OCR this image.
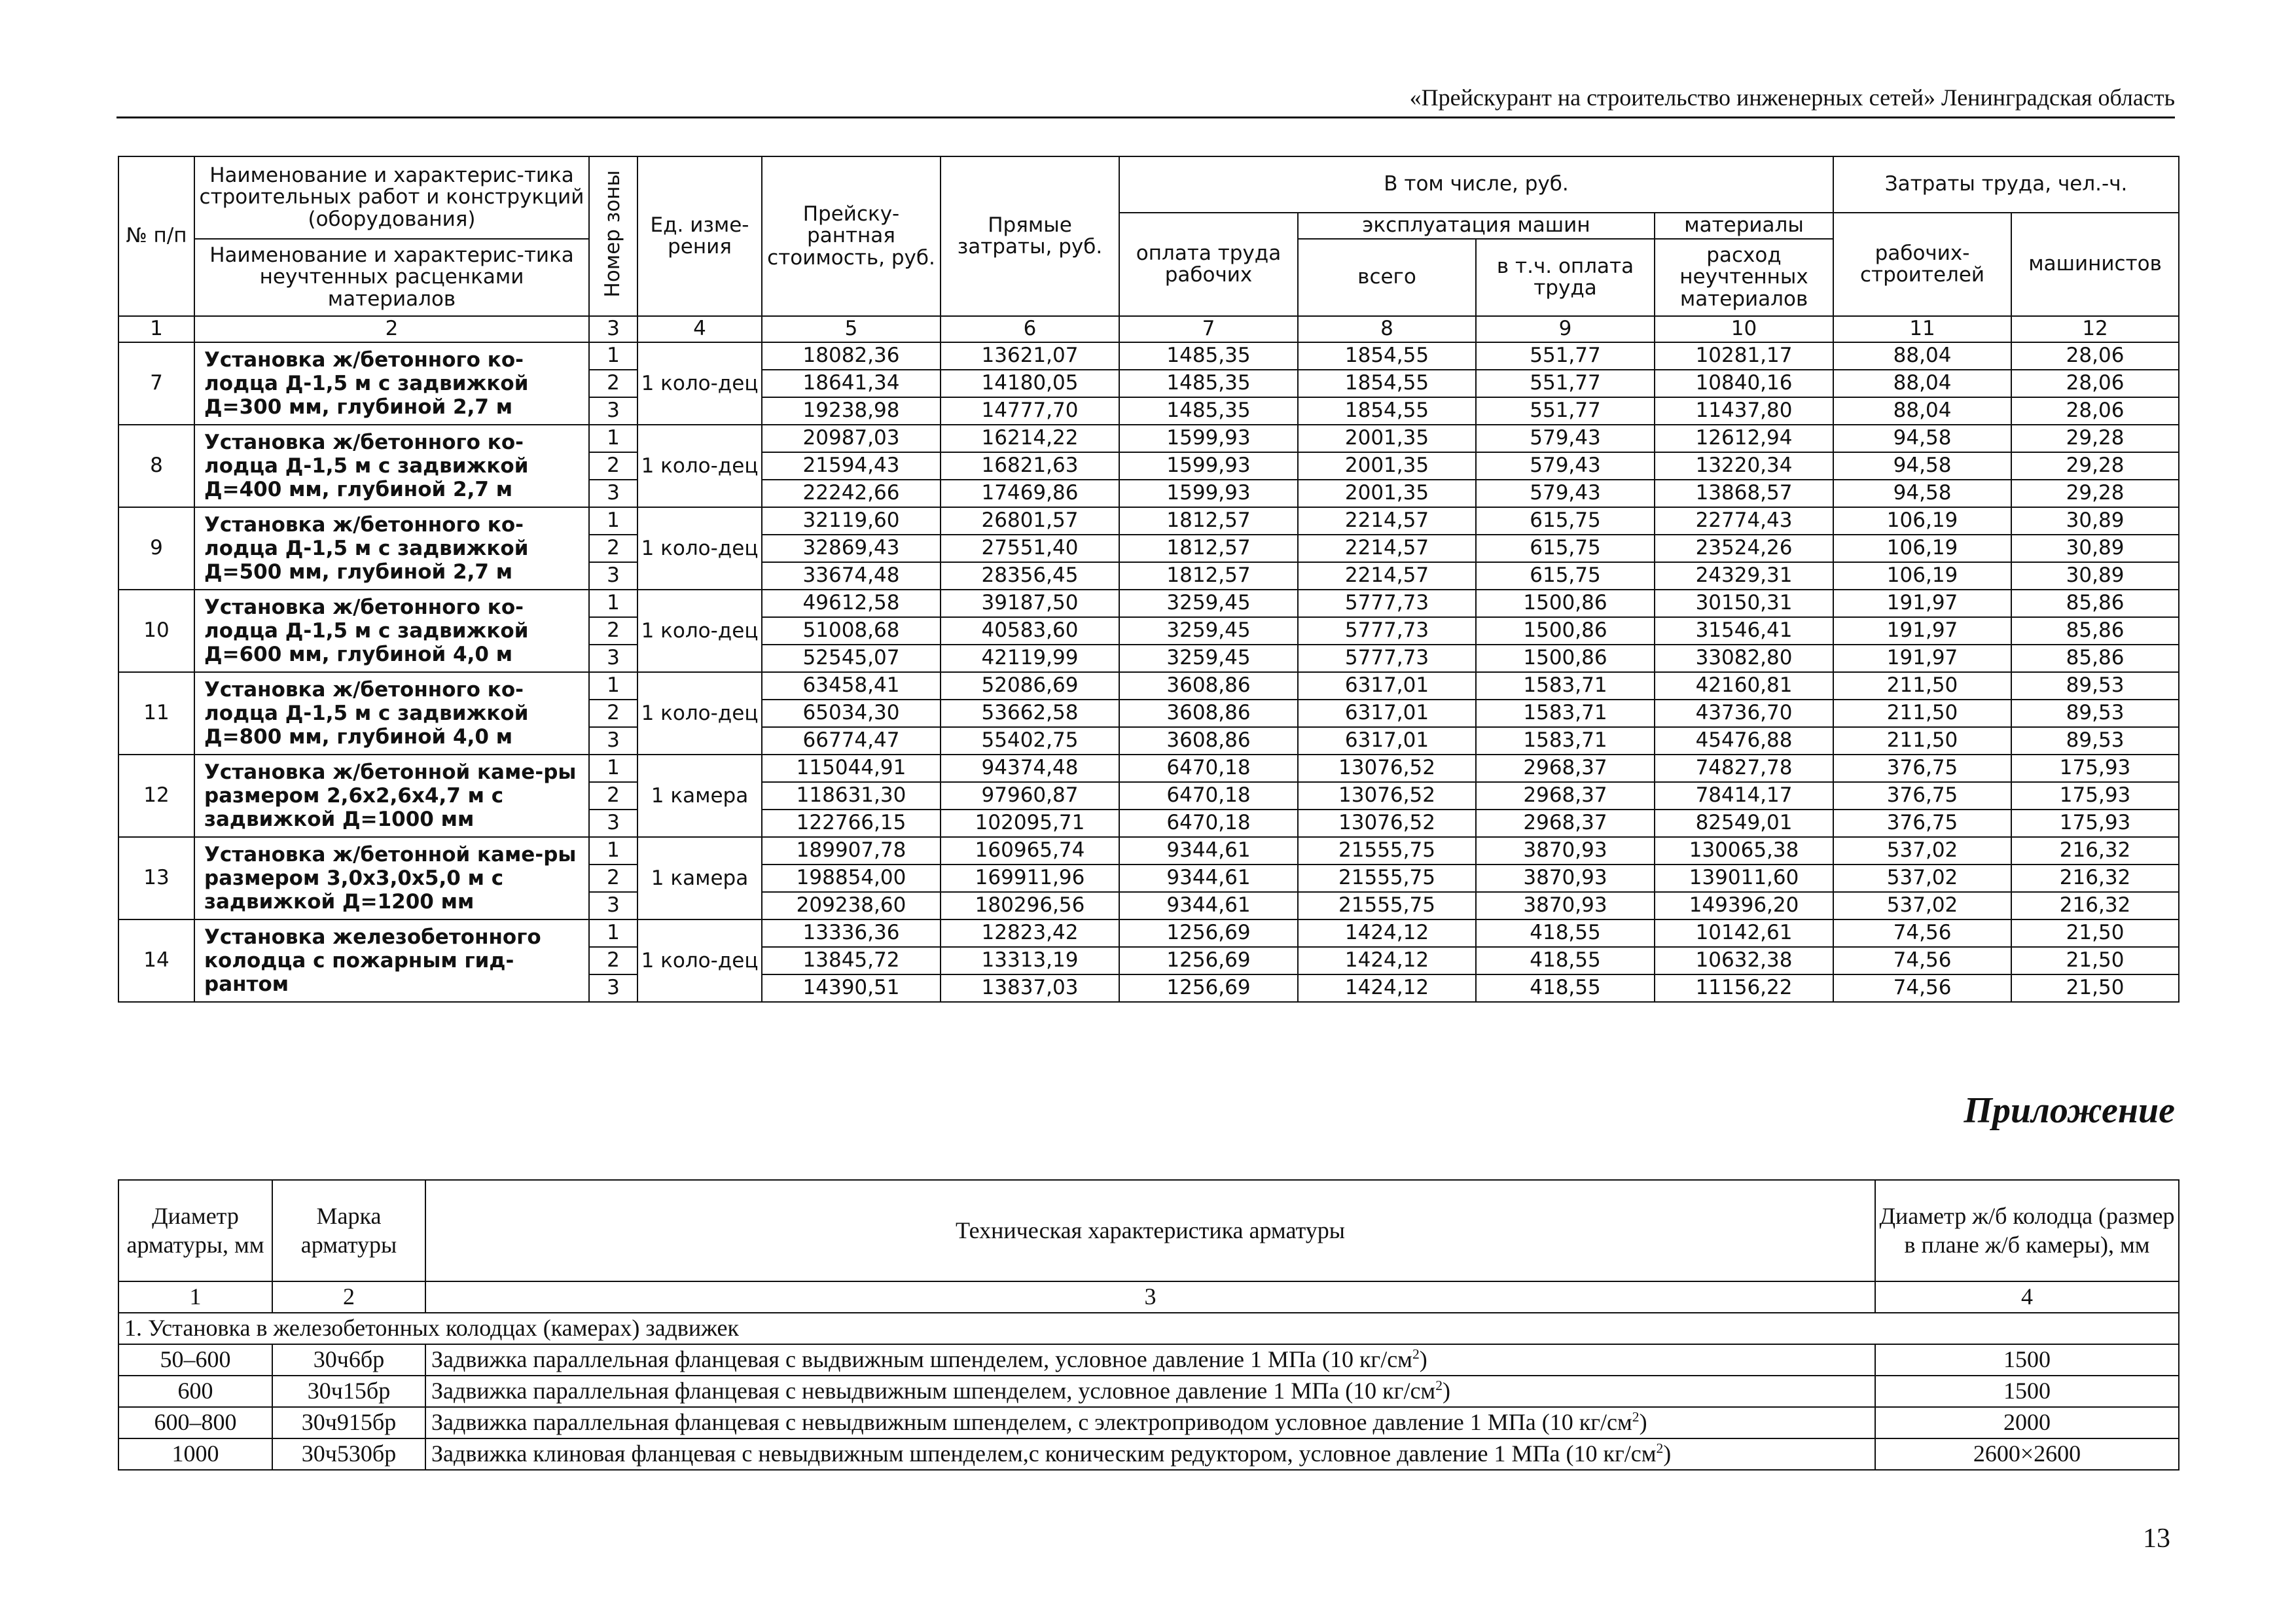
«Прейскурант на строительство инженерных сетей» Ленинградская область
№ п/п	Наименование и характерис-тика строительных работ и конструкций (оборудования)	Номер зоны	Ед. изме-рения	Прейску-рантная стоимость, руб.	Прямые затраты, руб.	В том числе, руб.				Затраты труда, чел.-ч.	
						оплата труда рабочих	эксплуатация машин		материалы	рабочих-строителей	машинистов
	Наименование и характерис-тика неучтенных расценками материалов						всего	в т.ч. оплата труда	расход неучтенных материалов		
1	2	3	4	5	6	7	8	9	10	11	12
7	Установка ж/бетонного ко-лодца Д-1,5 м с задвижкой Д=300 мм, глубиной 2,7 м	1	1 коло-дец	18082,36	13621,07	1485,35	1854,55	551,77	10281,17	88,04	28,06
		2		18641,34	14180,05	1485,35	1854,55	551,77	10840,16	88,04	28,06
		3		19238,98	14777,70	1485,35	1854,55	551,77	11437,80	88,04	28,06
8	Установка ж/бетонного ко-лодца Д-1,5 м с задвижкой Д=400 мм, глубиной 2,7 м	1	1 коло-дец	20987,03	16214,22	1599,93	2001,35	579,43	12612,94	94,58	29,28
		2		21594,43	16821,63	1599,93	2001,35	579,43	13220,34	94,58	29,28
		3		22242,66	17469,86	1599,93	2001,35	579,43	13868,57	94,58	29,28
9	Установка ж/бетонного ко-лодца Д-1,5 м с задвижкой Д=500 мм, глубиной 2,7 м	1	1 коло-дец	32119,60	26801,57	1812,57	2214,57	615,75	22774,43	106,19	30,89
		2		32869,43	27551,40	1812,57	2214,57	615,75	23524,26	106,19	30,89
		3		33674,48	28356,45	1812,57	2214,57	615,75	24329,31	106,19	30,89
10	Установка ж/бетонного ко-лодца Д-1,5 м с задвижкой Д=600 мм, глубиной 4,0 м	1	1 коло-дец	49612,58	39187,50	3259,45	5777,73	1500,86	30150,31	191,97	85,86
		2		51008,68	40583,60	3259,45	5777,73	1500,86	31546,41	191,97	85,86
		3		52545,07	42119,99	3259,45	5777,73	1500,86	33082,80	191,97	85,86
11	Установка ж/бетонного ко-лодца Д-1,5 м с задвижкой Д=800 мм, глубиной 4,0 м	1	1 коло-дец	63458,41	52086,69	3608,86	6317,01	1583,71	42160,81	211,50	89,53
		2		65034,30	53662,58	3608,86	6317,01	1583,71	43736,70	211,50	89,53
		3		66774,47	55402,75	3608,86	6317,01	1583,71	45476,88	211,50	89,53
12	Установка ж/бетонной каме-ры размером 2,6х2,6х4,7 м с задвижкой Д=1000 мм	1	1 камера	115044,91	94374,48	6470,18	13076,52	2968,37	74827,78	376,75	175,93
		2		118631,30	97960,87	6470,18	13076,52	2968,37	78414,17	376,75	175,93
		3		122766,15	102095,71	6470,18	13076,52	2968,37	82549,01	376,75	175,93
13	Установка ж/бетонной каме-ры размером 3,0х3,0х5,0 м с задвижкой Д=1200 мм	1	1 камера	189907,78	160965,74	9344,61	21555,75	3870,93	130065,38	537,02	216,32
		2		198854,00	169911,96	9344,61	21555,75	3870,93	139011,60	537,02	216,32
		3		209238,60	180296,56	9344,61	21555,75	3870,93	149396,20	537,02	216,32
14	Установка железобетонного колодца с пожарным гид-рантом	1	1 коло-дец	13336,36	12823,42	1256,69	1424,12	418,55	10142,61	74,56	21,50
		2		13845,72	13313,19	1256,69	1424,12	418,55	10632,38	74,56	21,50
		3		14390,51	13837,03	1256,69	1424,12	418,55	11156,22	74,56	21,50
Приложение
Диаметр арматуры, мм	Марка арматуры	Техническая характеристика арматуры	Диаметр ж/б колодца (размер в плане ж/б камеры), мм
1	2	3	4
1. Установка в железобетонных колодцах (камерах) задвижек			
50–600	30ч6бр	Задвижка параллельная фланцевая с выдвижным шпенделем, условное давление 1 МПа (10 $кг/см^2$)	1500
600	30ч15бр	Задвижка параллельная фланцевая с невыдвижным шпенделем, условное давление 1 МПа (10 $кг/см^2$)	1500
600–800	30ч915бр	Задвижка параллельная фланцевая с невыдвижным шпенделем, с электроприводом условное давление 1 МПа (10 $кг/см^2$)	2000
1000	30ч530бр	Задвижка клиновая фланцевая с невыдвижным шпенделем,с коническим редуктором, условное давление 1 МПа (10 $кг/см^2$)	2600×2600
13
